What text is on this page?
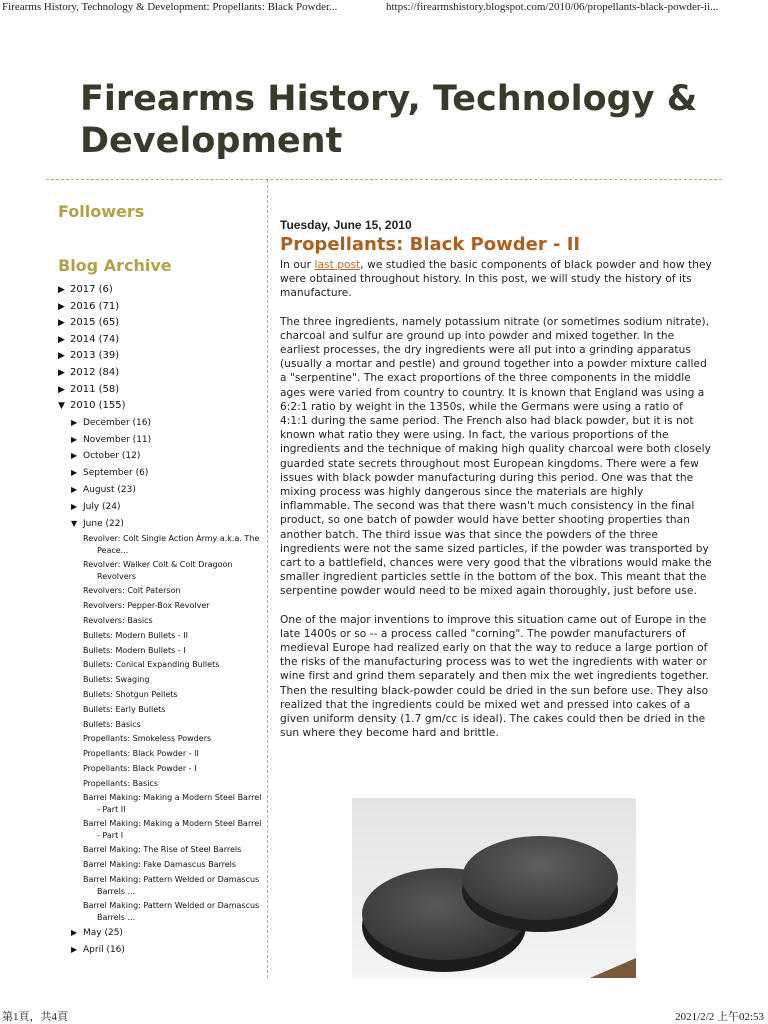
Firearms History, Technology & Development: Propellants: Black Powder...	https://firearmshistory.blogspot.com/2010/06/propellants-black-powder-ii...
Firearms History, Technology & Development
Followers
Blog Archive
▶ 2017 (6)
▶ 2016 (71)
▶ 2015 (65)
▶ 2014 (74)
▶ 2013 (39)
▶ 2012 (84)
▶ 2011 (58)
▼ 2010 (155)
▶ December (16)
▶ November (11)
▶ October (12)
▶ September (6)
▶ August (23)
▶ July (24)
▼ June (22)
Revolver: Colt Single Action Army a.k.a. The Peace...
Revolver: Walker Colt & Colt Dragoon Revolvers
Revolvers: Colt Paterson
Revolvers: Pepper-Box Revolver
Revolvers: Basics
Bullets: Modern Bullets - II
Bullets: Modern Bullets - I
Bullets: Conical Expanding Bullets
Bullets: Swaging
Bullets: Shotgun Pellets
Bullets: Early Bullets
Bullets: Basics
Propellants: Smokeless Powders
Propellants: Black Powder - II
Propellants: Black Powder - I
Propellants: Basics
Barrel Making: Making a Modern Steel Barrel - Part II
Barrel Making: Making a Modern Steel Barrel - Part I
Barrel Making: The Rise of Steel Barrels
Barrel Making: Fake Damascus Barrels
Barrel Making: Pattern Welded or Damascus Barrels ...
Barrel Making: Pattern Welded or Damascus Barrels ...
▶ May (25)
▶ April (16)
Tuesday, June 15, 2010
Propellants: Black Powder - II

In our last post, we studied the basic components of black powder and how they were obtained throughout history. In this post, we will study the history of its manufacture.

The three ingredients, namely potassium nitrate (or sometimes sodium nitrate), charcoal and sulfur are ground up into powder and mixed together. In the earliest processes, the dry ingredients were all put into a grinding apparatus (usually a mortar and pestle) and ground together into a powder mixture called a "serpentine". The exact proportions of the three components in the middle ages were varied from country to country. It is known that England was using a 6:2:1 ratio by weight in the 1350s, while the Germans were using a ratio of 4:1:1 during the same period. The French also had black powder, but it is not known what ratio they were using. In fact, the various proportions of the ingredients and the technique of making high quality charcoal were both closely guarded state secrets throughout most European kingdoms. There were a few issues with black powder manufacturing during this period. One was that the mixing process was highly dangerous since the materials are highly inflammable. The second was that there wasn't much consistency in the final product, so one batch of powder would have better shooting properties than another batch. The third issue was that since the powders of the three ingredients were not the same sized particles, if the powder was transported by cart to a battlefield, chances were very good that the vibrations would make the smaller ingredient particles settle in the bottom of the box. This meant that the serpentine powder would need to be mixed again thoroughly, just before use.

One of the major inventions to improve this situation came out of Europe in the late 1400s or so -- a process called "corning". The powder manufacturers of medieval Europe had realized early on that the way to reduce a large portion of the risks of the manufacturing process was to wet the ingredients with water or wine first and grind them separately and then mix the wet ingredients together. Then the resulting black-powder could be dried in the sun before use. They also realized that the ingredients could be mixed wet and pressed into cakes of a given uniform density (1.7 gm/cc is ideal). The cakes could then be dried in the sun where they become hard and brittle.

第1頁，共4頁	2021/2/2 上午02:53
